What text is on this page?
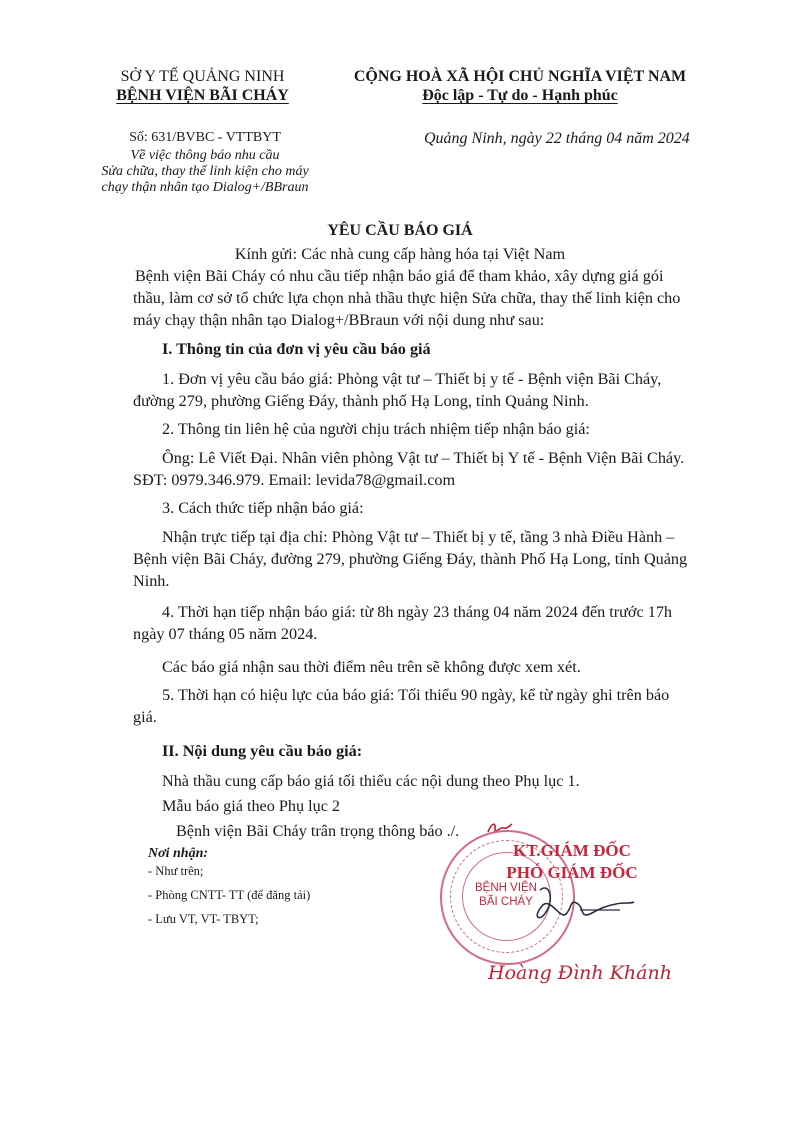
SỞ Y TẾ QUẢNG NINH
BỆNH VIỆN BÃI CHÁY
CỘNG HOÀ XÃ HỘI CHỦ NGHĨA VIỆT NAM
Độc lập - Tự do - Hạnh phúc
Số: 631/BVBC - VTTBYT
Về việc thông báo nhu cầu
Sửa chữa, thay thế linh kiện cho máy
chạy thận nhân tạo Dialog+/BBraun
Quảng Ninh, ngày 22 tháng 04 năm 2024
YÊU CẦU BÁO GIÁ
Kính gửi: Các nhà cung cấp hàng hóa tại Việt Nam
Bệnh viện Bãi Cháy có nhu cầu tiếp nhận báo giá để tham khảo, xây dựng giá gói
thầu, làm cơ sở tổ chức lựa chọn nhà thầu thực hiện Sửa chữa, thay thế linh kiện cho
máy chạy thận nhân tạo Dialog+/BBraun với nội dung như sau:
I. Thông tin của đơn vị yêu cầu báo giá
1. Đơn vị yêu cầu báo giá: Phòng vật tư – Thiết bị y tế - Bệnh viện Bãi Cháy,
đường 279, phường Giếng Đáy, thành phố Hạ Long, tỉnh Quảng Ninh.
2. Thông tin liên hệ của người chịu trách nhiệm tiếp nhận báo giá:
Ông: Lê Viết Đại. Nhân viên phòng Vật tư – Thiết bị Y tế - Bệnh Viện Bãi Cháy.
SĐT: 0979.346.979. Email: levida78@gmail.com
3. Cách thức tiếp nhận báo giá:
Nhận trực tiếp tại địa chỉ: Phòng Vật tư – Thiết bị y tế, tầng 3 nhà Điều Hành –
Bệnh viện Bãi Cháy, đường 279, phường Giếng Đáy, thành Phố Hạ Long, tỉnh Quảng
Ninh.
4. Thời hạn tiếp nhận báo giá: từ 8h ngày 23 tháng 04 năm 2024 đến trước 17h
ngày 07 tháng 05 năm 2024.
Các báo giá nhận sau thời điểm nêu trên sẽ không được xem xét.
5. Thời hạn có hiệu lực của báo giá: Tối thiểu 90 ngày, kể từ ngày ghi trên báo
giá.
II. Nội dung yêu cầu báo giá:
Nhà thầu cung cấp báo giá tối thiểu các nội dung theo Phụ lục 1.
Mẫu báo giá theo Phụ lục 2
Bệnh viện Bãi Cháy trân trọng thông báo ./.
Nơi nhận:
- Như trên;
- Phòng CNTT- TT (để đăng tải)
- Lưu VT, VT- TBYT;
BỆNH VIỆN
BÃI CHÁY
KT.GIÁM ĐỐC
PHÓ GIÁM ĐỐC
Hoàng Đình Khánh
